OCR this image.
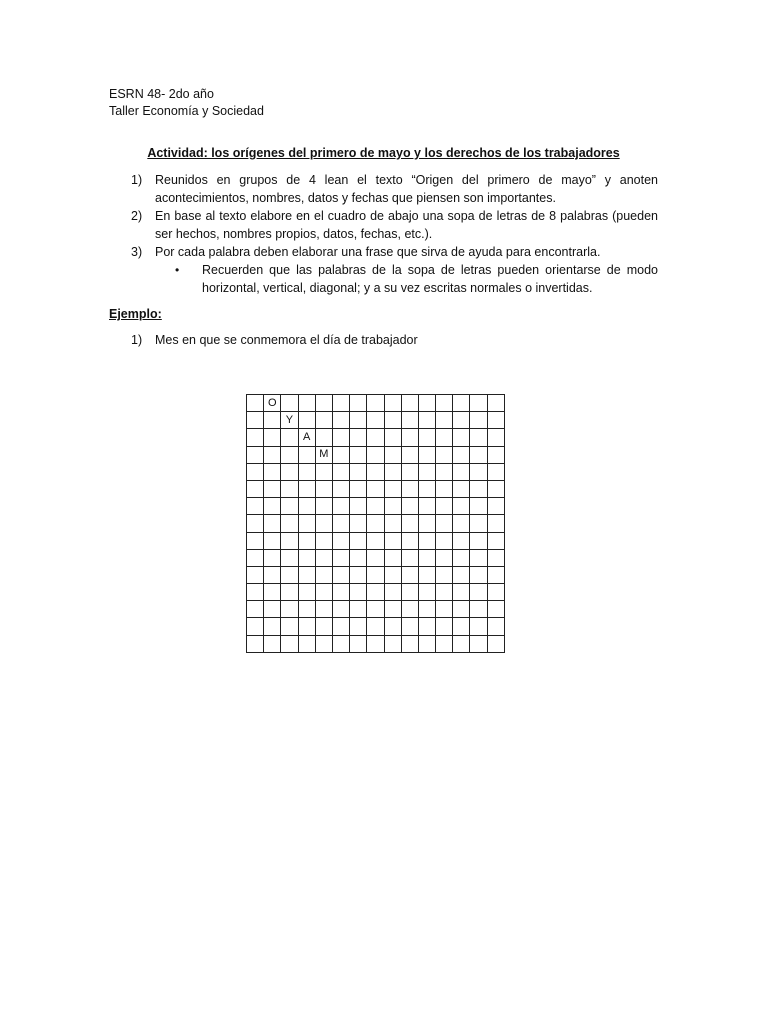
ESRN 48- 2do año
Taller Economía y Sociedad
Actividad: los orígenes del primero de mayo y los derechos de los trabajadores
1)	Reunidos en grupos de 4 lean el texto “Origen del primero de mayo” y anoten acontecimientos, nombres, datos y fechas que piensen son importantes.
2)	En base al texto elabore en el cuadro de abajo una sopa de letras de 8 palabras (pueden ser hechos, nombres propios, datos, fechas, etc.).
3)	Por cada palabra deben elaborar una frase que sirva de ayuda para encontrarla.
•	Recuerden que las palabras de la sopa de letras pueden orientarse de modo horizontal, vertical, diagonal; y a su vez escritas normales o invertidas.
Ejemplo:
1)	Mes en que se conmemora el día de trabajador
	O													
		Y												
			A											
				M										
